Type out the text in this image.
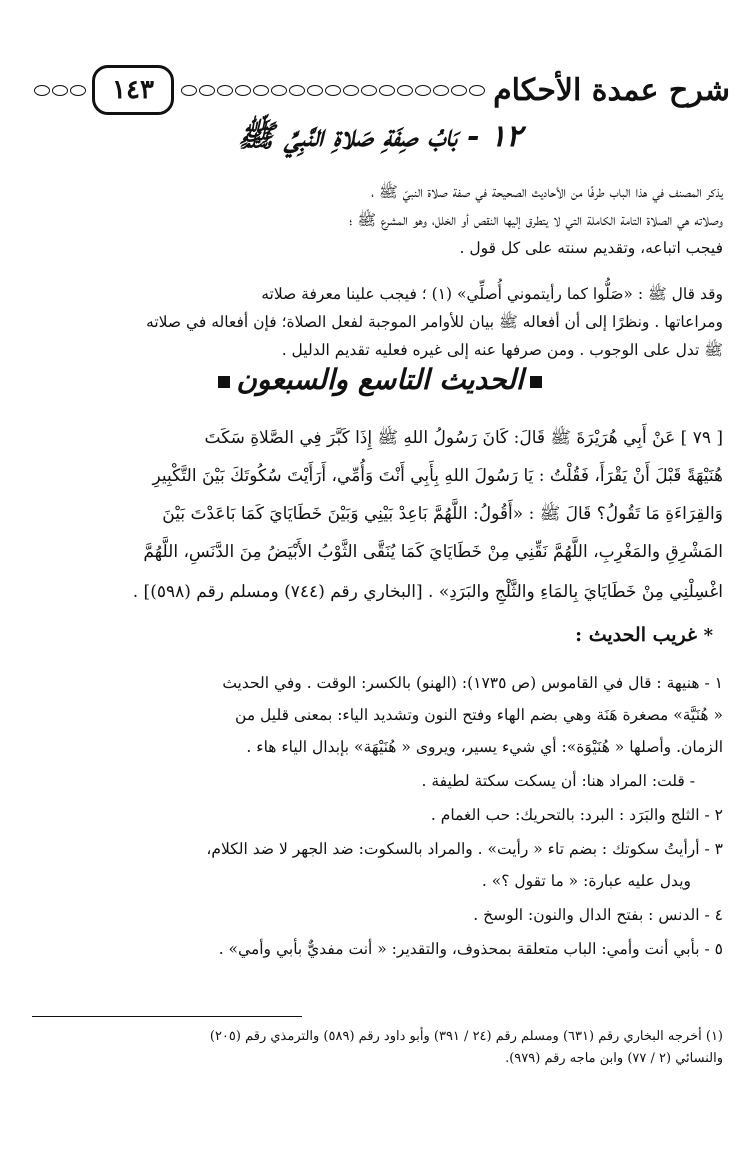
شرح عمدة الأحكام
١٤٣
١٢ - بَابُ صِفَةِ صَلاةِ النَّبِيِّ ﷺ
يذكر المصنف في هذا الباب طرفًا من الأحاديث الصحيحة في صفة صلاة النبيّ ﷺ ،
وصلاته هي الصلاة التامة الكاملة التي لا يتطرق إليها النقص أو الخلل، وهو المشرع ﷺ ؛
فيجب اتباعه، وتقديم سنته على كل قول .
وقد قال ﷺ : «صَلُّوا كما رأيتموني أُصلِّي» (١) ؛ فيجب علينا معرفة صلاته
ومراعاتها . ونظرًا إلى أن أفعاله ﷺ بيان للأوامر الموجبة لفعل الصلاة؛ فإن أفعاله في صلاته
ﷺ تدل على الوجوب . ومن صرفها عنه إلى غيره فعليه تقديم الدليل .
الحديث التاسع والسبعون
[ ٧٩ ] عَنْ أَبِي هُرَيْرَةَ ﷺ قَالَ: كَانَ رَسُولُ اللهِ ﷺ إِذَا كَبَّرَ فِي الصَّلاةِ سَكَتَ
هُنَيْهَةً قَبْلَ أَنْ يَقْرَأَ، فَقُلْتُ : يَا رَسُولَ اللهِ بِأَبِي أَنْتَ وَأُمِّي، أَرَأَيْتَ سُكُوتَكَ بَيْنَ التَّكْبِيرِ
وَالقِرَاءَةِ مَا تَقُولُ؟ قَالَ ﷺ : «أَقُولُ: اللَّهُمَّ بَاعِدْ بَيْنِي وَبَيْنَ خَطَايَايَ كَمَا بَاعَدْتَ بَيْنَ
المَشْرِقِ والمَغْرِبِ، اللَّهُمَّ نَقِّنِي مِنْ خَطَايَايَ كَمَا يُنَقَّى الثَّوْبُ الأَبْيَضُ مِنَ الدَّنَسِ، اللَّهُمَّ
اغْسِلْنِي مِنْ خَطَايَايَ بِالمَاءِ والثَّلْجِ والبَرَدِ» . [البخاري رقم (٧٤٤) ومسلم رقم (٥٩٨)] .
* غريب الحديث :
١ - هنيهة : قال في القاموس (ص ١٧٣٥): (الهنو) بالكسر: الوقت . وفي الحديث
« هُنَيَّة» مصغرة هَنَة وهي بضم الهاء وفتح النون وتشديد الياء: بمعنى قليل من
الزمان. وأصلها « هُنَيْوَة»: أي شيء يسير، ويروى « هُنَيْهَة» بإبدال الياء هاء .
- قلت: المراد هنا: أن يسكت سكتة لطيفة .
٢ - الثلج والبَرَد : البرد: بالتحريك: حب الغمام .
٣ - أرأيتُ سكوتك : بضم تاء « رأيت» . والمراد بالسكوت: ضد الجهر لا ضد الكلام،
ويدل عليه عبارة: « ما تقول ؟» .
٤ - الدنس : بفتح الدال والنون: الوسخ .
٥ - بأبي أنت وأمي: الباب متعلقة بمحذوف، والتقدير: « أنت مفديٌّ بأبي وأمي» .
(١) أخرجه البخاري رقم (٦٣١) ومسلم رقم (٢٤ / ٣٩١) وأبو داود رقم (٥٨٩) والترمذي رقم (٢٠٥)
والنسائي (٢ / ٧٧) وابن ماجه رقم (٩٧٩).
